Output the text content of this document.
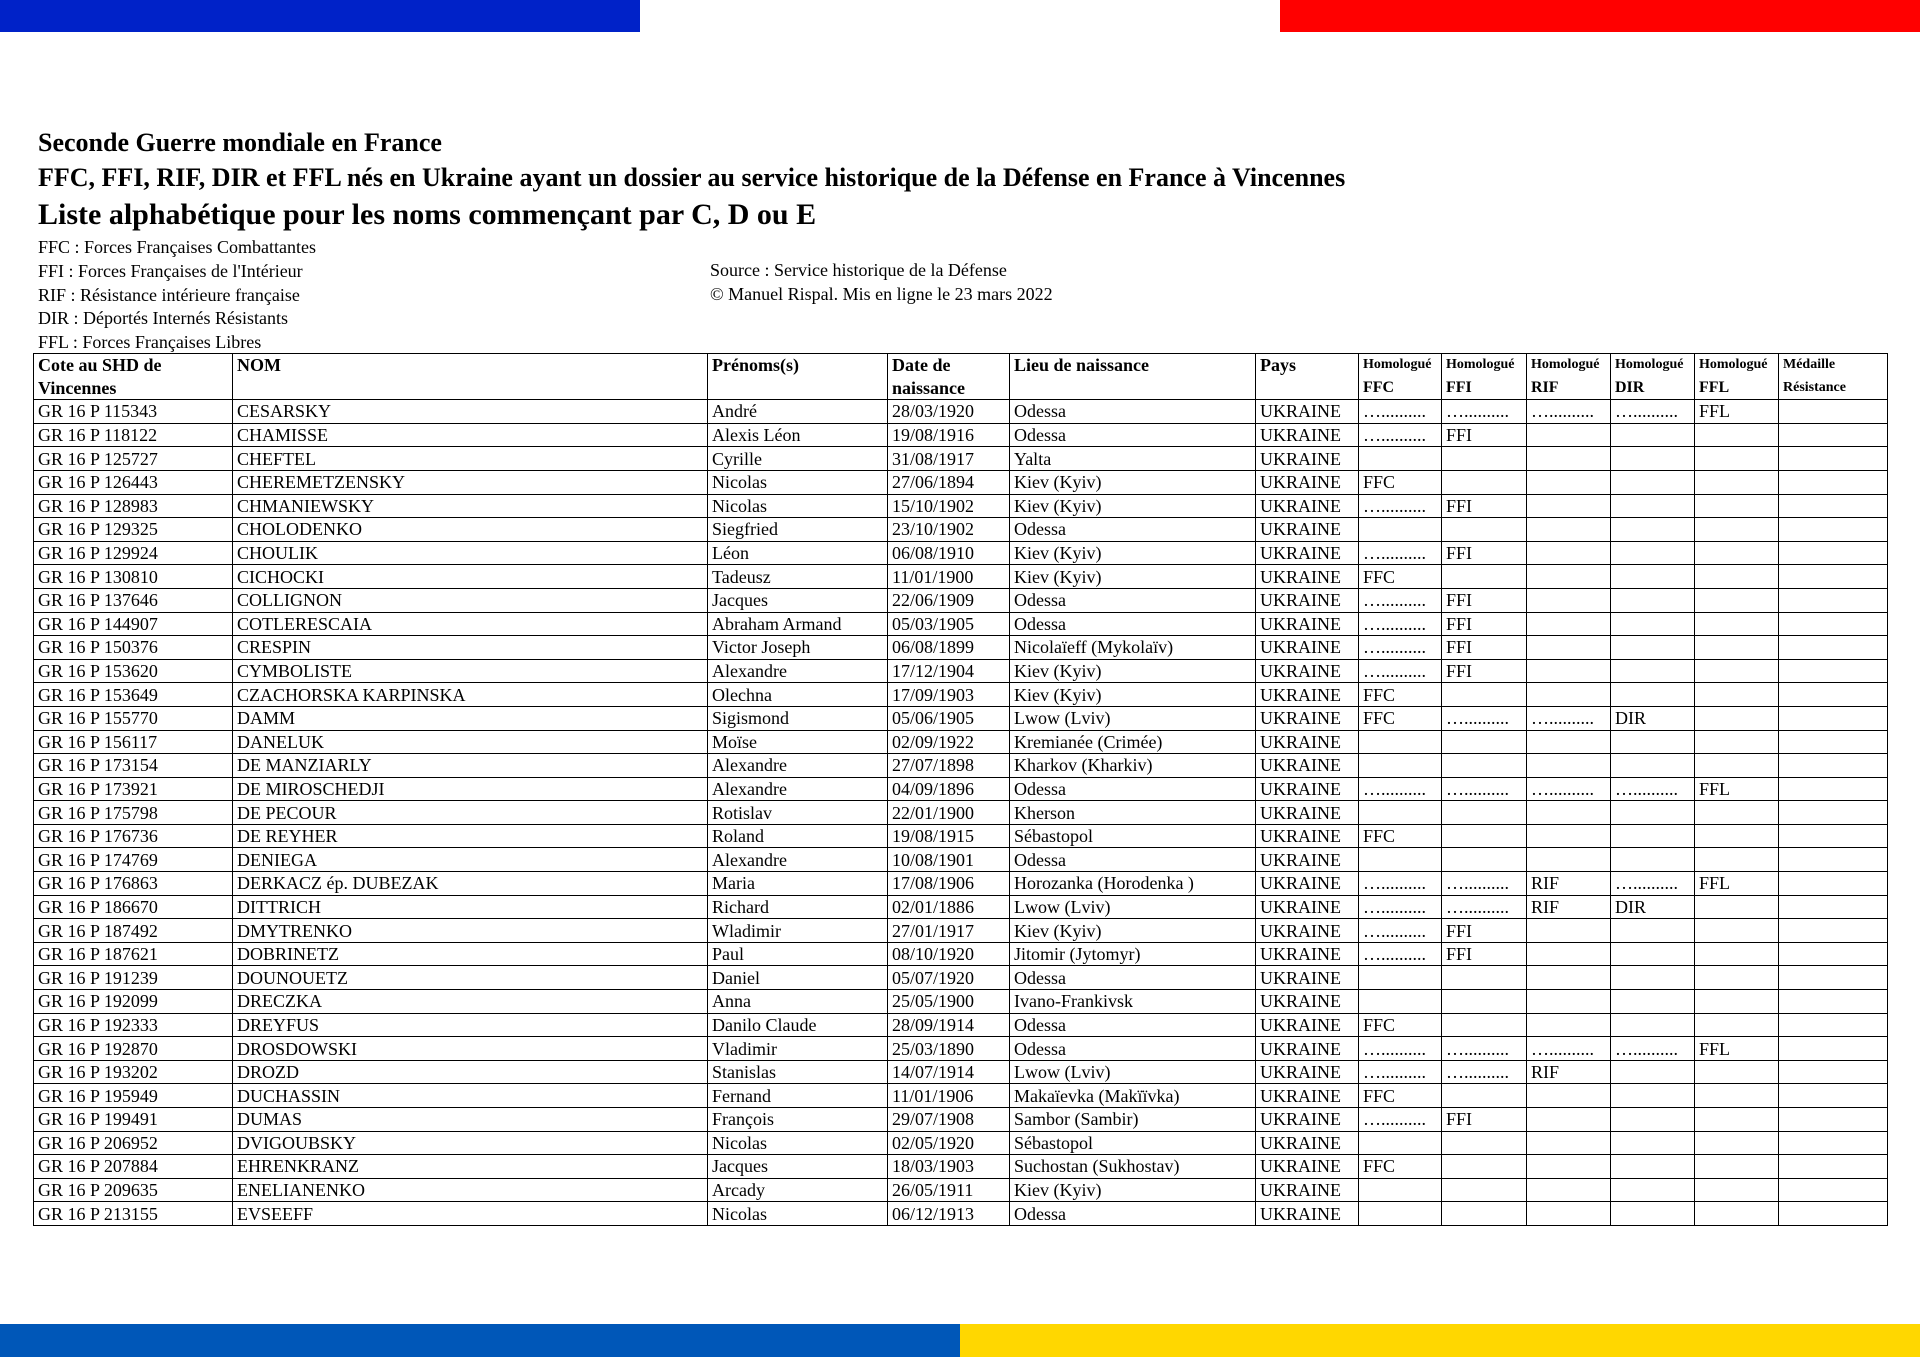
Seconde Guerre mondiale en France
FFC, FFI, RIF, DIR et FFL nés en Ukraine ayant un dossier au service historique de la Défense en France à Vincennes
Liste alphabétique pour les noms commençant par C, D ou E
FFC : Forces Françaises Combattantes
FFI : Forces Françaises de l'Intérieur
RIF : Résistance intérieure française
DIR : Déportés Internés Résistants
FFL : Forces Françaises Libres
Source : Service historique de la Défense
© Manuel Rispal. Mis en ligne le 23 mars 2022
Cote au SHD de	NOM	Prénoms(s)	Date de	Lieu de naissance	Pays	Homologué	Homologué	Homologué	Homologué	Homologué	Médaille
Vincennes			naissance			FFC	FFI	RIF	DIR	FFL	Résistance
GR 16 P 115343	CESARSKY	André	28/03/1920	Odessa	UKRAINE	…..........	…..........	…..........	…..........	FFL	
GR 16 P 118122	CHAMISSE	Alexis Léon	19/08/1916	Odessa	UKRAINE	…..........	FFI				
GR 16 P 125727	CHEFTEL	Cyrille	31/08/1917	Yalta	UKRAINE						
GR 16 P 126443	CHEREMETZENSKY	Nicolas	27/06/1894	Kiev (Kyiv)	UKRAINE	FFC					
GR 16 P 128983	CHMANIEWSKY	Nicolas	15/10/1902	Kiev (Kyiv)	UKRAINE	…..........	FFI				
GR 16 P 129325	CHOLODENKO	Siegfried	23/10/1902	Odessa	UKRAINE						
GR 16 P 129924	CHOULIK	Léon	06/08/1910	Kiev (Kyiv)	UKRAINE	…..........	FFI				
GR 16 P 130810	CICHOCKI	Tadeusz	11/01/1900	Kiev (Kyiv)	UKRAINE	FFC					
GR 16 P 137646	COLLIGNON	Jacques	22/06/1909	Odessa	UKRAINE	…..........	FFI				
GR 16 P 144907	COTLERESCAIA	Abraham Armand	05/03/1905	Odessa	UKRAINE	…..........	FFI				
GR 16 P 150376	CRESPIN	Victor Joseph	06/08/1899	Nicolaïeff (Mykolaïv)	UKRAINE	…..........	FFI				
GR 16 P 153620	CYMBOLISTE	Alexandre	17/12/1904	Kiev (Kyiv)	UKRAINE	…..........	FFI				
GR 16 P 153649	CZACHORSKA KARPINSKA	Olechna	17/09/1903	Kiev (Kyiv)	UKRAINE	FFC					
GR 16 P 155770	DAMM	Sigismond	05/06/1905	Lwow (Lviv)	UKRAINE	FFC	…..........	…..........	DIR		
GR 16 P 156117	DANELUK	Moïse	02/09/1922	Kremianée (Crimée)	UKRAINE						
GR 16 P 173154	DE MANZIARLY	Alexandre	27/07/1898	Kharkov (Kharkiv)	UKRAINE						
GR 16 P 173921	DE MIROSCHEDJI	Alexandre	04/09/1896	Odessa	UKRAINE	…..........	…..........	…..........	…..........	FFL	
GR 16 P 175798	DE PECOUR	Rotislav	22/01/1900	Kherson	UKRAINE						
GR 16 P 176736	DE REYHER	Roland	19/08/1915	Sébastopol	UKRAINE	FFC					
GR 16 P 174769	DENIEGA	Alexandre	10/08/1901	Odessa	UKRAINE						
GR 16 P 176863	DERKACZ ép. DUBEZAK	Maria	17/08/1906	Horozanka (Horodenka )	UKRAINE	…..........	…..........	RIF	…..........	FFL	
GR 16 P 186670	DITTRICH	Richard	02/01/1886	Lwow (Lviv)	UKRAINE	…..........	…..........	RIF	DIR		
GR 16 P 187492	DMYTRENKO	Wladimir	27/01/1917	Kiev (Kyiv)	UKRAINE	…..........	FFI				
GR 16 P 187621	DOBRINETZ	Paul	08/10/1920	Jitomir (Jytomyr)	UKRAINE	…..........	FFI				
GR 16 P 191239	DOUNOUETZ	Daniel	05/07/1920	Odessa	UKRAINE						
GR 16 P 192099	DRECZKA	Anna	25/05/1900	Ivano-Frankivsk	UKRAINE						
GR 16 P 192333	DREYFUS	Danilo Claude	28/09/1914	Odessa	UKRAINE	FFC					
GR 16 P 192870	DROSDOWSKI	Vladimir	25/03/1890	Odessa	UKRAINE	…..........	…..........	…..........	…..........	FFL	
GR 16 P 193202	DROZD	Stanislas	14/07/1914	Lwow (Lviv)	UKRAINE	…..........	…..........	RIF			
GR 16 P 195949	DUCHASSIN	Fernand	11/01/1906	Makaïevka (Makïïvka)	UKRAINE	FFC					
GR 16 P 199491	DUMAS	François	29/07/1908	Sambor (Sambir)	UKRAINE	…..........	FFI				
GR 16 P 206952	DVIGOUBSKY	Nicolas	02/05/1920	Sébastopol	UKRAINE						
GR 16 P 207884	EHRENKRANZ	Jacques	18/03/1903	Suchostan (Sukhostav)	UKRAINE	FFC					
GR 16 P 209635	ENELIANENKO	Arcady	26/05/1911	Kiev (Kyiv)	UKRAINE						
GR 16 P 213155	EVSEEFF	Nicolas	06/12/1913	Odessa	UKRAINE						
